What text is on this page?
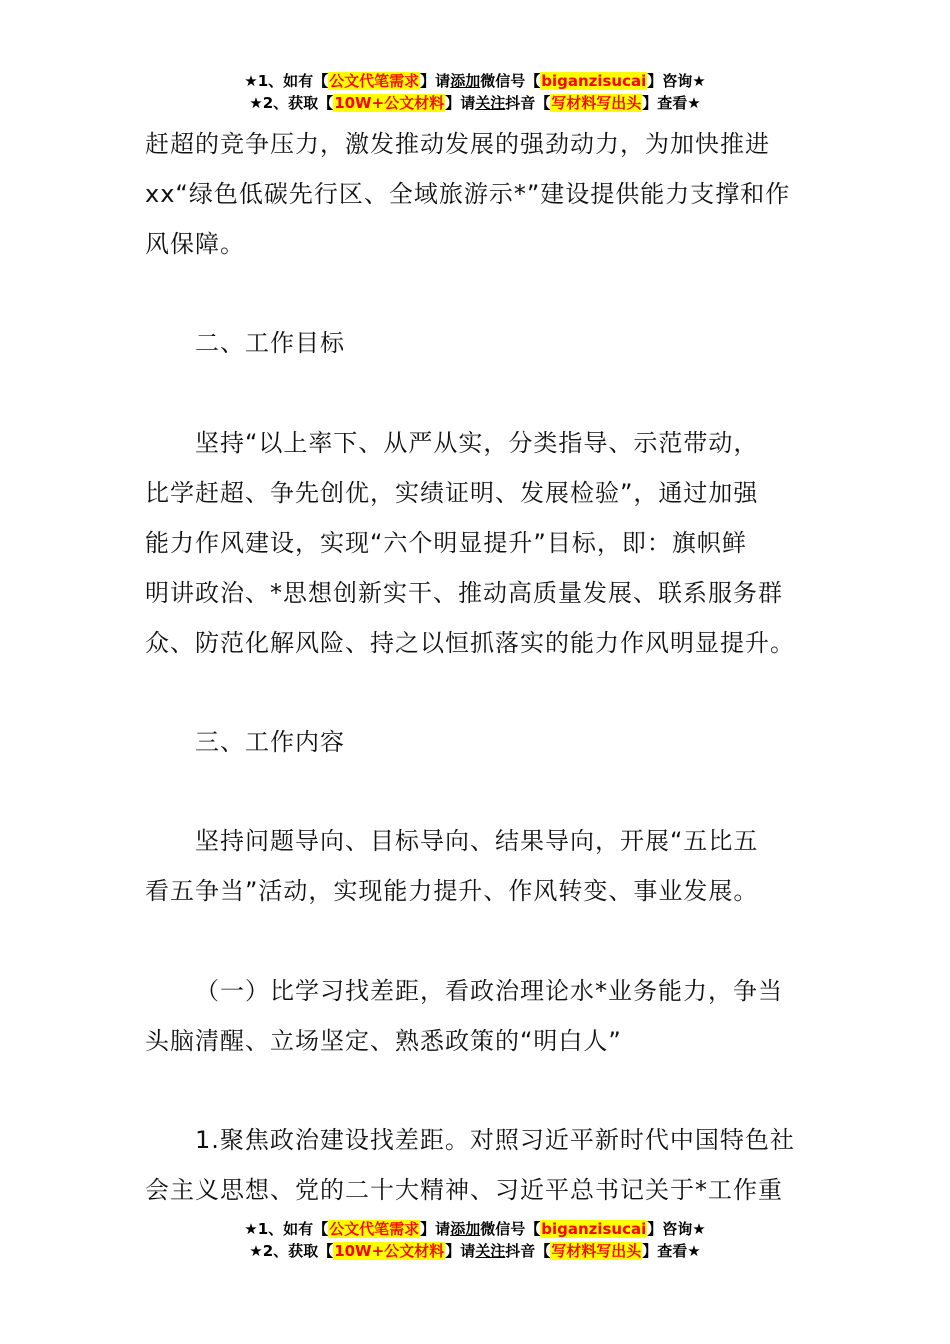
★1、如有【公文代笔需求】请添加微信号【biganzisucai】咨询★
★2、获取【10W+公文材料】请关注抖音【写材料写出头】查看★
赶超的竞争压力，激发推动发展的强劲动力，为加快推进
xx“绿色低碳先行区、全域旅游示*”建设提供能力支撑和作
风保障。
二、工作目标
坚持“以上率下、从严从实，分类指导、示范带动，
比学赶超、争先创优，实绩证明、发展检验”，通过加强
能力作风建设，实现“六个明显提升”目标，即：旗帜鲜
明讲政治、*思想创新实干、推动高质量发展、联系服务群
众、防范化解风险、持之以恒抓落实的能力作风明显提升。
三、工作内容
坚持问题导向、目标导向、结果导向，开展“五比五
看五争当”活动，实现能力提升、作风转变、事业发展。
（一）比学习找差距，看政治理论水*业务能力，争当
头脑清醒、立场坚定、熟悉政策的“明白人”
1.聚焦政治建设找差距。对照习近平新时代中国特色社
会主义思想、党的二十大精神、习近平总书记关于*工作重
★1、如有【公文代笔需求】请添加微信号【biganzisucai】咨询★
★2、获取【10W+公文材料】请关注抖音【写材料写出头】查看★
